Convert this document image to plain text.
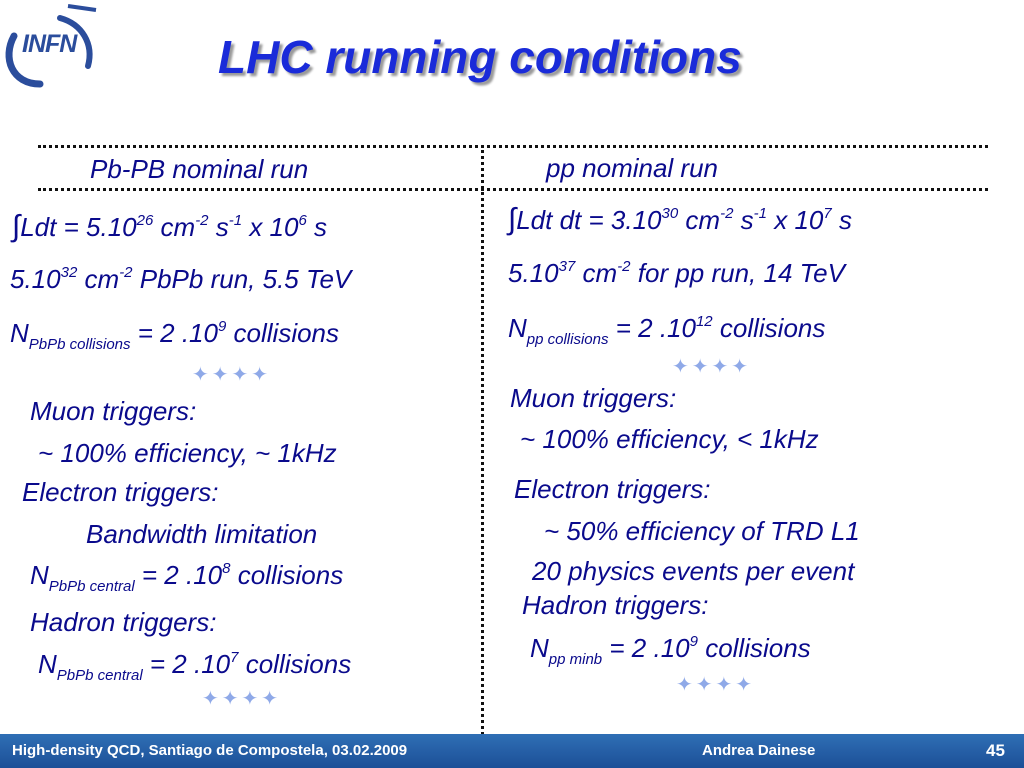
INFN	LHC running conditions
Pb-PB nominal run	pp nominal run
$\int Ldt = 5.10^{26}$ $cm^{-2}$ $s^{-1}$ x $10^6$ s
5.10$^{32}$ $cm^{-2}$ PbPb run, 5.5 TeV
$N_{PbPb collisions} = 2$ $.10^9$ collisions
✦✦✦✦
Muon triggers:
~ 100% efficiency, ~ 1kHz
Electron triggers:
Bandwidth limitation
$N_{PbPb central} = 2$ $.10^8$ collisions
Hadron triggers:
$N_{PbPb central} = 2$ $.10^7$ collisions
✦✦✦✦
∫Ldt dt = $3.10^{30}$ $cm^{-2}$ $s^{-1}$ x $10^7$ s
5.10$^{37}$ $cm^{-2}$ for pp run, 14 TeV
$N_{pp collisions} = 2$ $.10^{12}$ collisions
✦✦✦✦
Muon triggers:
~ 100% efficiency, < 1kHz
Electron triggers:
~ 50% efficiency of TRD L1
20 physics events per event
Hadron triggers:
$N_{pp minb} = 2$ $.10^9$ collisions
✦✦✦✦
High-density QCD, Santiago de Compostela, 03.02.2009	Andrea Dainese	45
